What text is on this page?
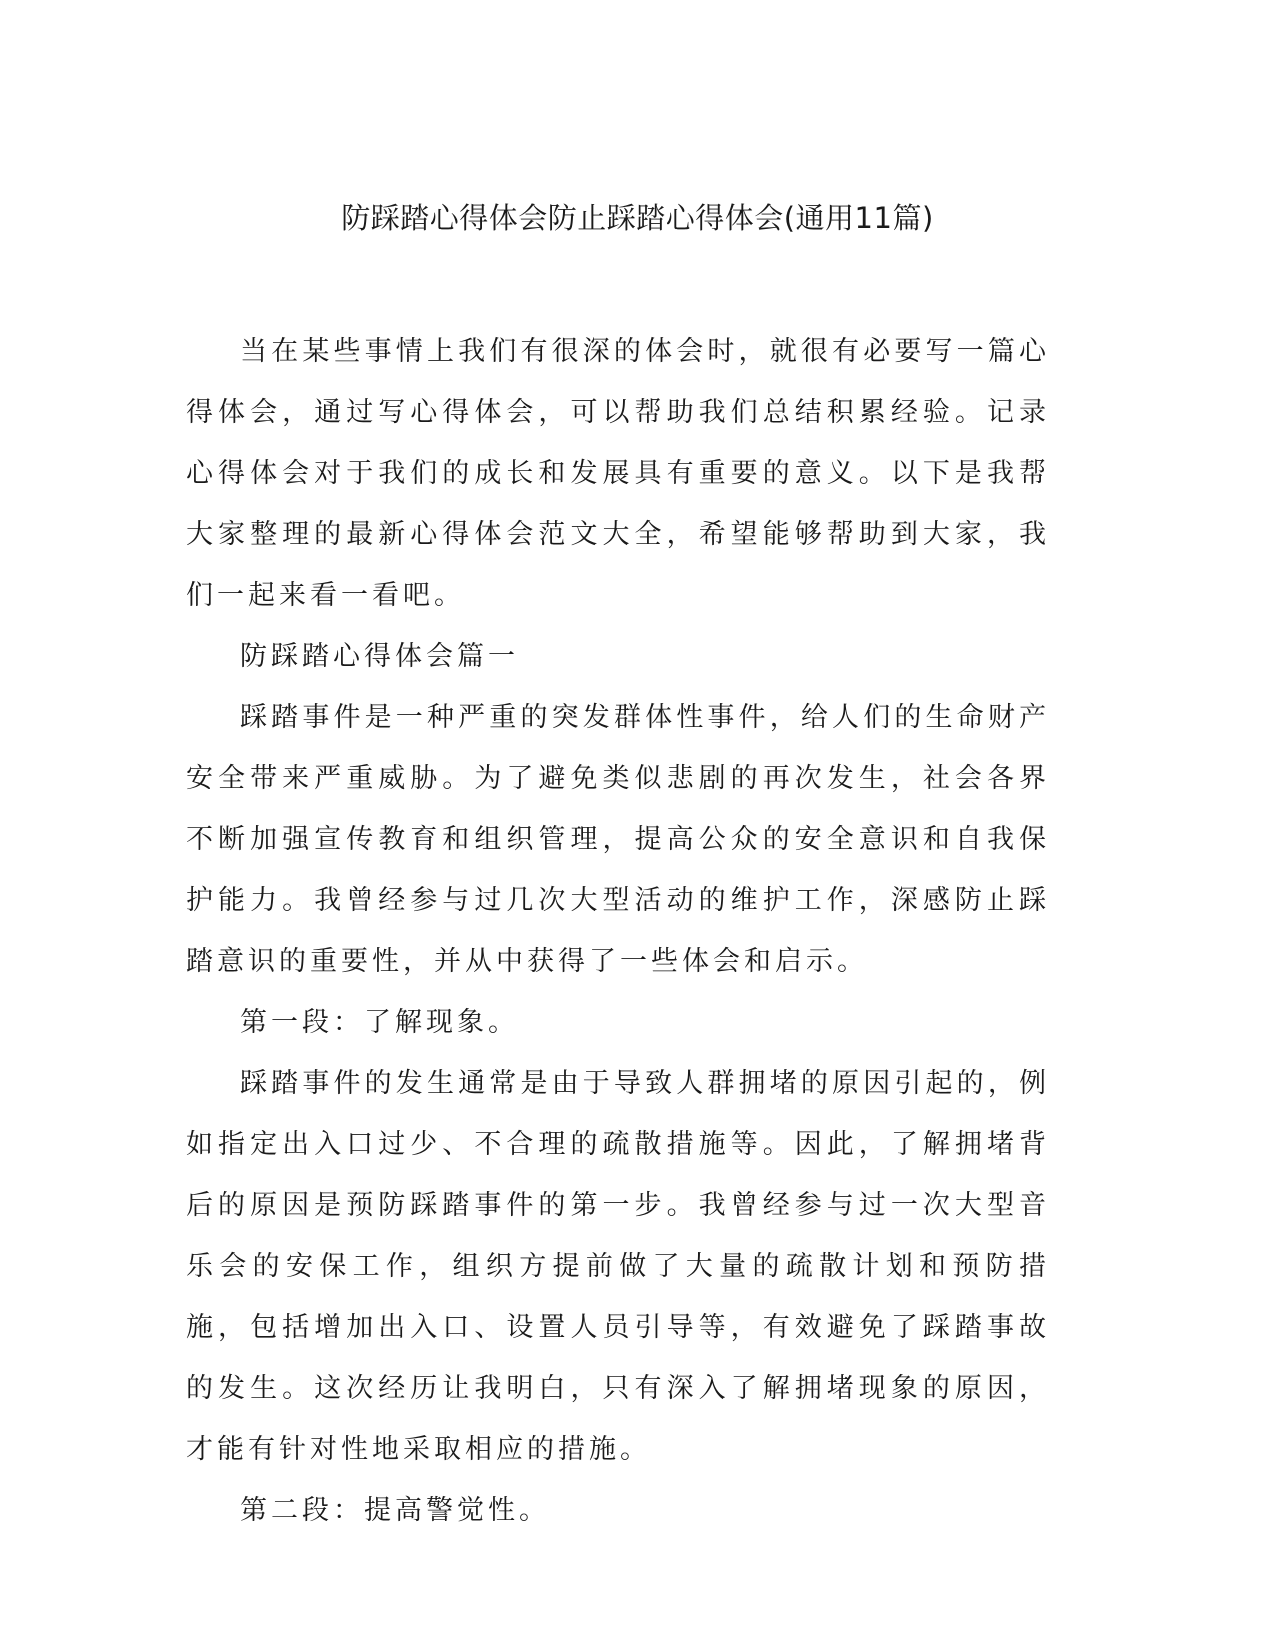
防踩踏心得体会防止踩踏心得体会(通用11篇)

当在某些事情上我们有很深的体会时，就很有必要写一篇心得体会，通过写心得体会，可以帮助我们总结积累经验。记录心得体会对于我们的成长和发展具有重要的意义。以下是我帮大家整理的最新心得体会范文大全，希望能够帮助到大家，我们一起来看一看吧。

防踩踏心得体会篇一

踩踏事件是一种严重的突发群体性事件，给人们的生命财产安全带来严重威胁。为了避免类似悲剧的再次发生，社会各界不断加强宣传教育和组织管理，提高公众的安全意识和自我保护能力。我曾经参与过几次大型活动的维护工作，深感防止踩踏意识的重要性，并从中获得了一些体会和启示。

第一段：了解现象。

踩踏事件的发生通常是由于导致人群拥堵的原因引起的，例如指定出入口过少、不合理的疏散措施等。因此，了解拥堵背后的原因是预防踩踏事件的第一步。我曾经参与过一次大型音乐会的安保工作，组织方提前做了大量的疏散计划和预防措施，包括增加出入口、设置人员引导等，有效避免了踩踏事故的发生。这次经历让我明白，只有深入了解拥堵现象的原因，才能有针对性地采取相应的措施。

第二段：提高警觉性。
